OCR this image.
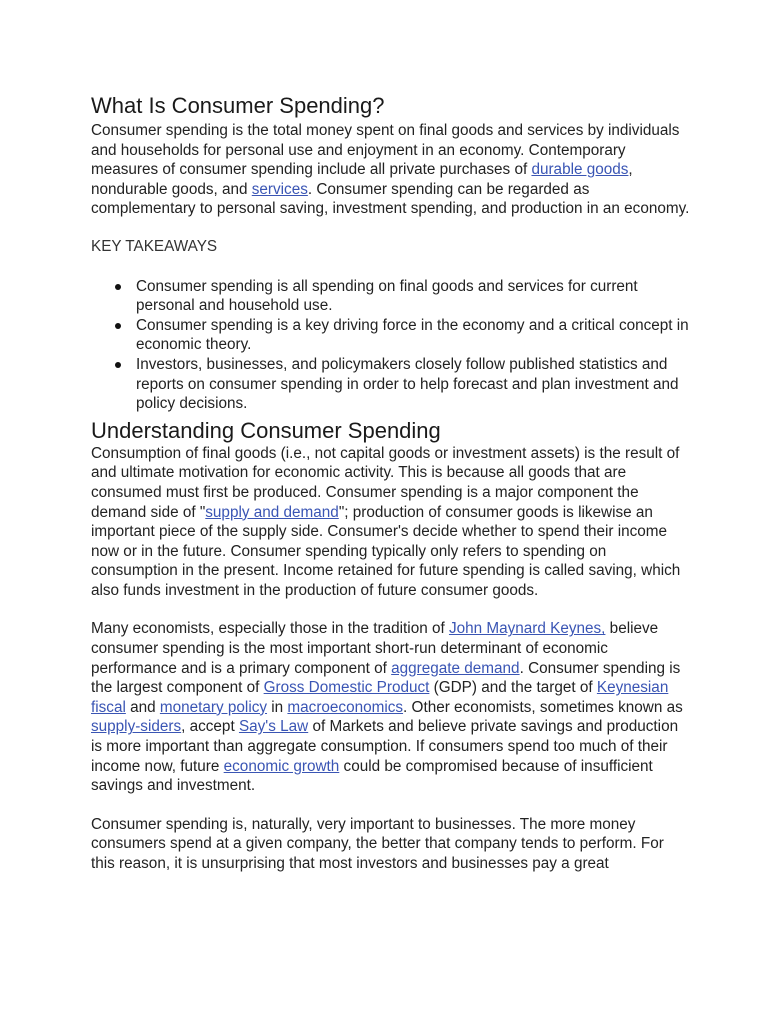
What Is Consumer Spending?

Consumer spending is the total money spent on final goods and services by individuals and households for personal use and enjoyment in an economy. Contemporary measures of consumer spending include all private purchases of durable goods, nondurable goods, and services. Consumer spending can be regarded as complementary to personal saving, investment spending, and production in an economy.

KEY TAKEAWAYS
Consumer spending is all spending on final goods and services for current personal and household use.
Consumer spending is a key driving force in the economy and a critical concept in economic theory.
Investors, businesses, and policymakers closely follow published statistics and reports on consumer spending in order to help forecast and plan investment and policy decisions.
Understanding Consumer Spending

Consumption of final goods (i.e., not capital goods or investment assets) is the result of and ultimate motivation for economic activity. This is because all goods that are consumed must first be produced. Consumer spending is a major component the demand side of "supply and demand"; production of consumer goods is likewise an important piece of the supply side. Consumer's decide whether to spend their income now or in the future. Consumer spending typically only refers to spending on consumption in the present. Income retained for future spending is called saving, which also funds investment in the production of future consumer goods.

Many economists, especially those in the tradition of John Maynard Keynes, believe consumer spending is the most important short-run determinant of economic performance and is a primary component of aggregate demand. Consumer spending is the largest component of Gross Domestic Product (GDP) and the target of Keynesian fiscal and monetary policy in macroeconomics. Other economists, sometimes known as supply-siders, accept Say's Law of Markets and believe private savings and production is more important than aggregate consumption. If consumers spend too much of their income now, future economic growth could be compromised because of insufficient savings and investment.

Consumer spending is, naturally, very important to businesses. The more money consumers spend at a given company, the better that company tends to perform. For this reason, it is unsurprising that most investors and businesses pay a great
